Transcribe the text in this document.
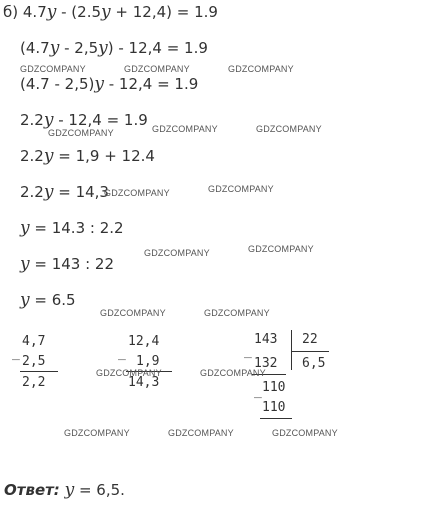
б) 4.7y - (2.5y + 12,4) = 1.9
(4.7y - 2,5y) - 12,4 = 1.9
(4.7 - 2,5)y - 12,4 = 1.9
2.2y - 12,4 = 1.9
2.2y = 1,9 + 12.4
2.2y = 14,3
y = 14.3 : 2.2
y = 143 : 22
y = 6.5
_
4,7
2,5
2,2
_
12,4
1,9
14,3
_
143 22
132 6,5
_ 110
110
GDZCOMPANY	GDZCOMPANY	GDZCOMPANY
GDZCOMPANY	GDZCOMPANY	GDZCOMPANY
GDZCOMPANY	GDZCOMPANY
GDZCOMPANY	GDZCOMPANY
GDZCOMPANY	GDZCOMPANY
GDZCOMPANY	GDZCOMPANY
GDZCOMPANY	GDZCOMPANY	GDZCOMPANY
Ответ: y = 6,5.
